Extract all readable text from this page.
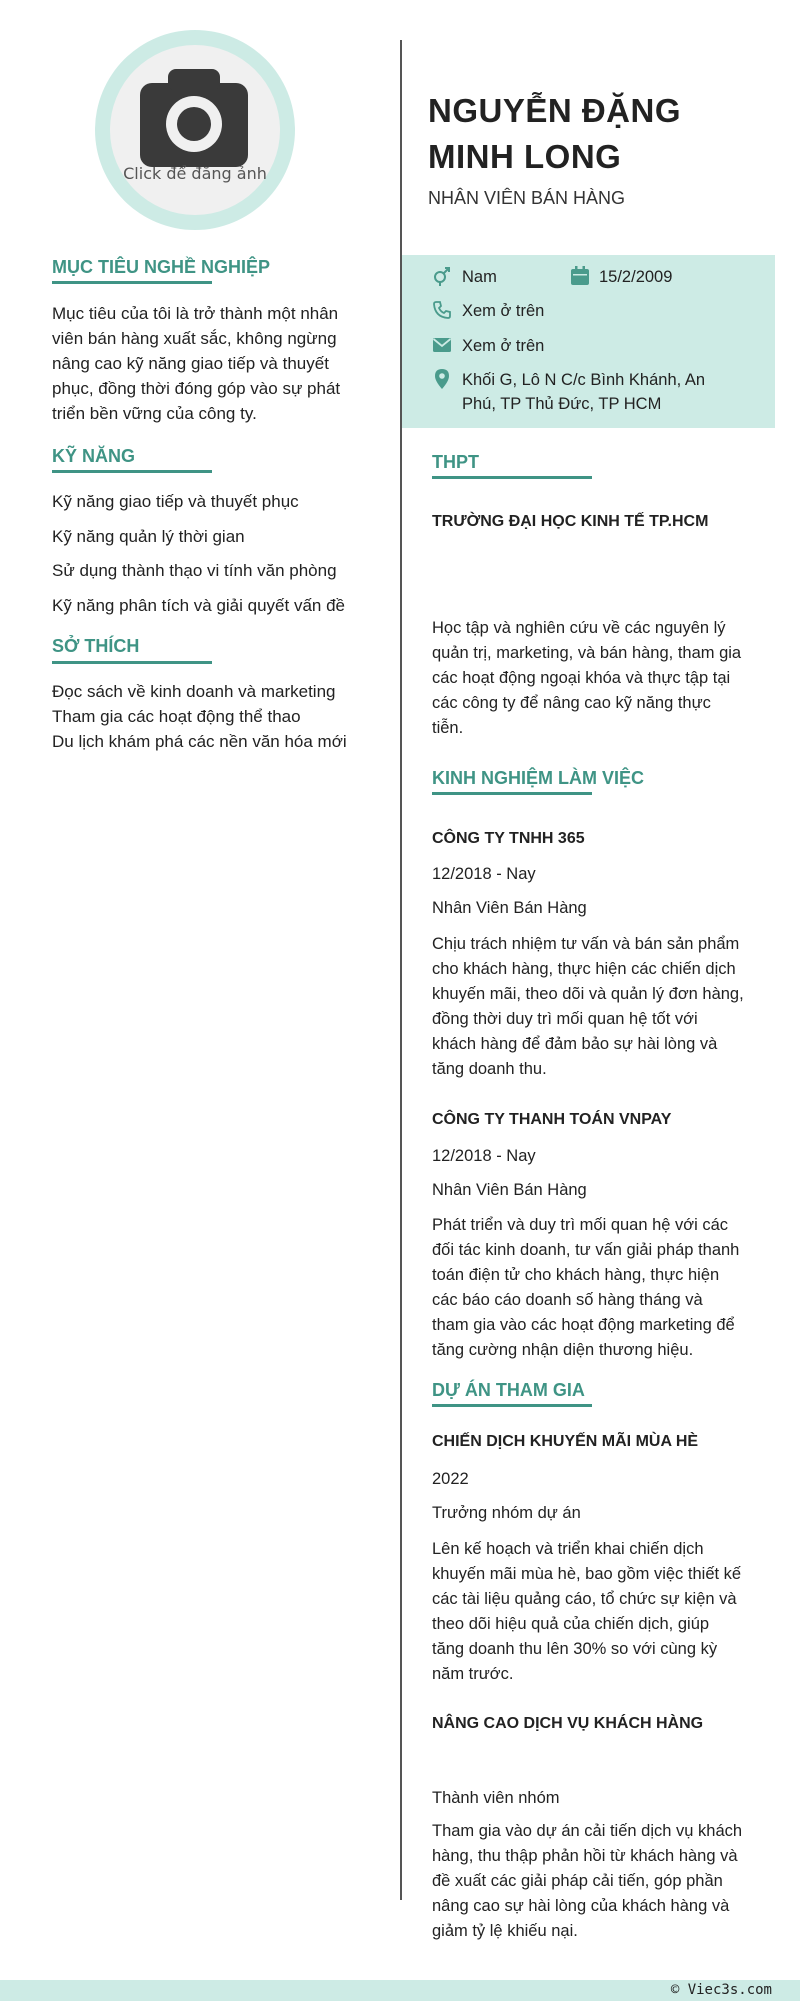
Click để đăng ảnh
MỤC TIÊU NGHỀ NGHIỆP
Mục tiêu của tôi là trở thành một nhân
viên bán hàng xuất sắc, không ngừng
nâng cao kỹ năng giao tiếp và thuyết
phục, đồng thời đóng góp vào sự phát
triển bền vững của công ty.
KỸ NĂNG
Kỹ năng giao tiếp và thuyết phục
Kỹ năng quản lý thời gian
Sử dụng thành thạo vi tính văn phòng
Kỹ năng phân tích và giải quyết vấn đề
SỞ THÍCH
Đọc sách về kinh doanh và marketing
Tham gia các hoạt động thể thao
Du lịch khám phá các nền văn hóa mới
NGUYỄN ĐẶNG MINH LONG
NHÂN VIÊN BÁN HÀNG
Nam	15/2/2009
Xem ở trên
Xem ở trên
Khối G, Lô N C/c Bình Khánh, An
Phú, TP Thủ Đức, TP HCM
THPT
TRƯỜNG ĐẠI HỌC KINH TẾ TP.HCM
Học tập và nghiên cứu về các nguyên lý
quản trị, marketing, và bán hàng, tham gia
các hoạt động ngoại khóa và thực tập tại
các công ty để nâng cao kỹ năng thực
tiễn.
KINH NGHIỆM LÀM VIỆC
CÔNG TY TNHH 365
12/2018 - Nay
Nhân Viên Bán Hàng
Chịu trách nhiệm tư vấn và bán sản phẩm
cho khách hàng, thực hiện các chiến dịch
khuyến mãi, theo dõi và quản lý đơn hàng,
đồng thời duy trì mối quan hệ tốt với
khách hàng để đảm bảo sự hài lòng và
tăng doanh thu.
CÔNG TY THANH TOÁN VNPAY
12/2018 - Nay
Nhân Viên Bán Hàng
Phát triển và duy trì mối quan hệ với các
đối tác kinh doanh, tư vấn giải pháp thanh
toán điện tử cho khách hàng, thực hiện
các báo cáo doanh số hàng tháng và
tham gia vào các hoạt động marketing để
tăng cường nhận diện thương hiệu.
DỰ ÁN THAM GIA
CHIẾN DỊCH KHUYẾN MÃI MÙA HÈ
2022
Trưởng nhóm dự án
Lên kế hoạch và triển khai chiến dịch
khuyến mãi mùa hè, bao gồm việc thiết kế
các tài liệu quảng cáo, tổ chức sự kiện và
theo dõi hiệu quả của chiến dịch, giúp
tăng doanh thu lên 30% so với cùng kỳ
năm trước.
NÂNG CAO DỊCH VỤ KHÁCH HÀNG
Thành viên nhóm
Tham gia vào dự án cải tiến dịch vụ khách
hàng, thu thập phản hồi từ khách hàng và
đề xuất các giải pháp cải tiến, góp phần
nâng cao sự hài lòng của khách hàng và
giảm tỷ lệ khiếu nại.
© Viec3s.com
